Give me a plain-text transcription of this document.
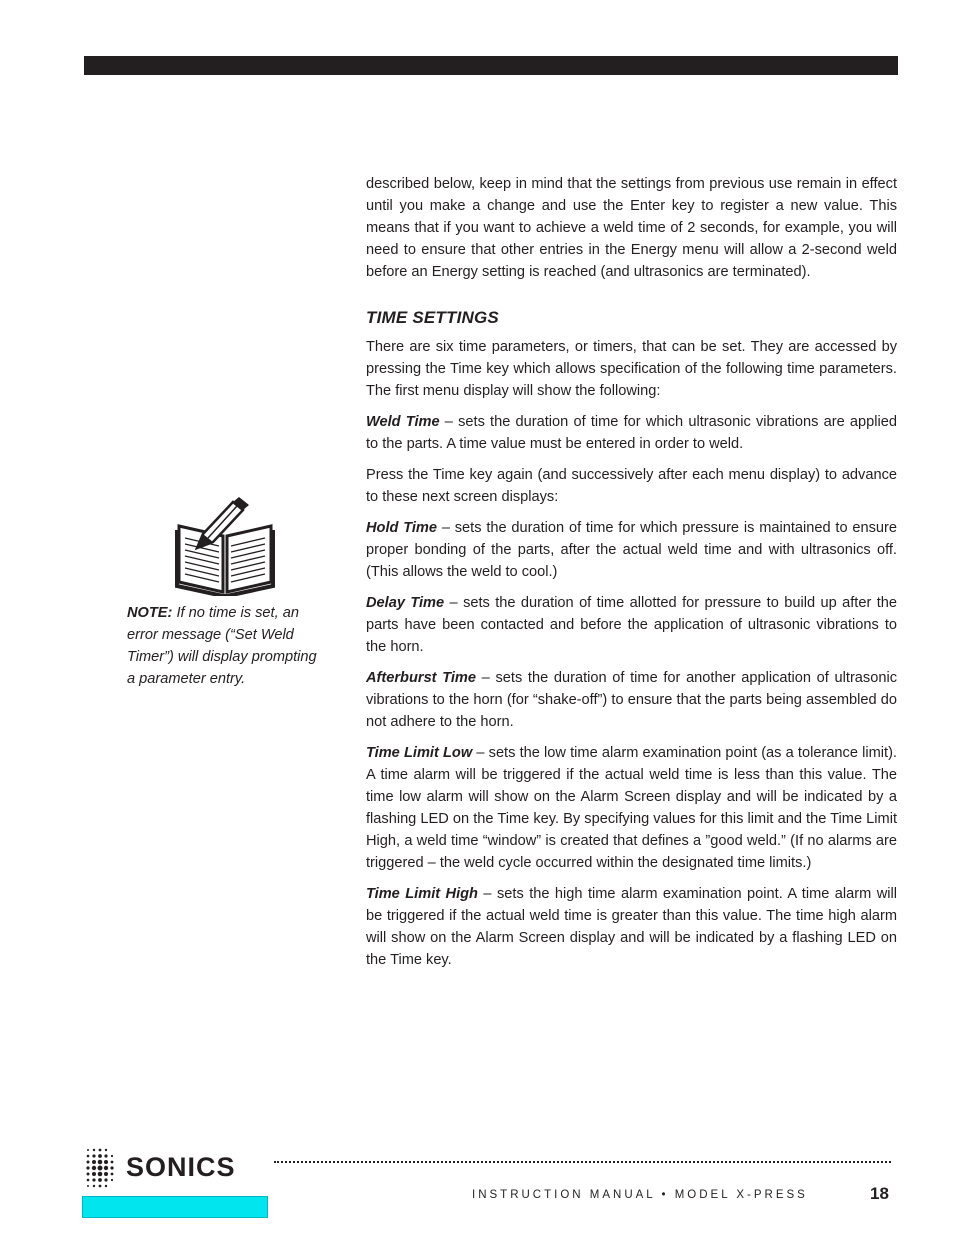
described below, keep in mind that the settings from previous use remain in effect until you make a change and use the Enter key to register a new value. This means that if you want to achieve a weld time of 2 seconds, for example, you will need to ensure that other entries in the Energy menu will allow a 2-second weld before an Energy setting is reached (and ultrasonics are terminated).

TIME SETTINGS

There are six time parameters, or timers, that can be set. They are accessed by pressing the Time key which allows specification of the following time parameters. The first menu display will show the following:

Weld Time – sets the duration of time for which ultrasonic vibrations are applied to the parts. A time value must be entered in order to weld.

Press the Time key again (and successively after each menu display) to advance to these next screen displays:

Hold Time – sets the duration of time for which pressure is maintained to ensure proper bonding of the parts, after the actual weld time and with ultrasonics off. (This allows the weld to cool.)

Delay Time – sets the duration of time allotted for pressure to build up after the parts have been contacted and before the application of ultrasonic vibrations to the horn.

Afterburst Time – sets the duration of time for another application of ultrasonic vibrations to the horn (for “shake-off”) to ensure that the parts being assembled do not adhere to the horn.

Time Limit Low – sets the low time alarm examination point (as a tolerance limit). A time alarm will be triggered if the actual weld time is less than this value. The time low alarm will show on the Alarm Screen display and will be indicated by a flashing LED on the Time key. By specifying values for this limit and the Time Limit High, a weld time “window” is created that defines a ”good weld.” (If no alarms are triggered – the weld cycle occurred within the designated time limits.)

Time Limit High – sets the high time alarm examination point. A time alarm will be triggered if the actual weld time is greater than this value. The time high alarm will show on the Alarm Screen display and will be indicated by a flashing LED on the Time key.

NOTE: If no time is set, an error message (“Set Weld Timer”) will display prompting a parameter entry.
SONICS
INSTRUCTION MANUAL • MODEL X-PRESS	18
